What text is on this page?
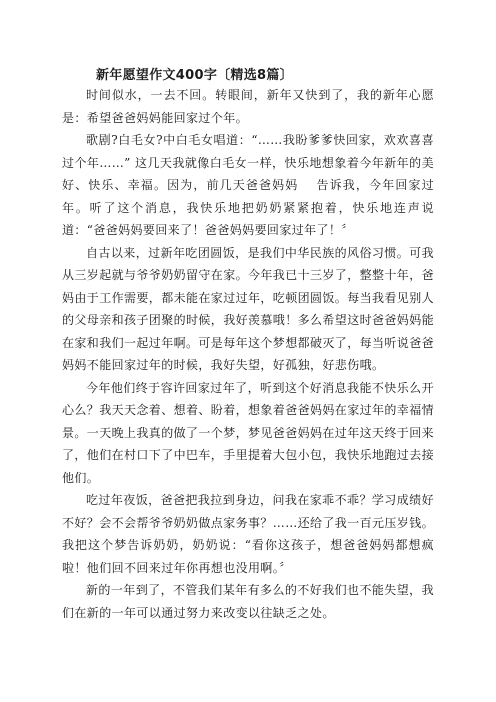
新年愿望作文400字〔精选8篇〕

时间似水，一去不回。转眼间，新年又快到了，我的新年心愿是：希望爸爸妈妈能回家过个年。

歌剧?白毛女?中白毛女唱道：“……我盼爹爹快回家，欢欢喜喜过个年……” 这几天我就像白毛女一样，快乐地想象着今年新年的美好、快乐、幸福。因为，前几天爸爸妈妈　 告诉我，今年回家过年。听了这个消息，我快乐地把奶奶紧紧抱着，快乐地连声说道：“爸爸妈妈要回来了！爸爸妈妈要回家过年了！〞

自古以来，过新年吃团圆饭，是我们中华民族的风俗习惯。可我从三岁起就与爷爷奶奶留守在家。今年我已十三岁了，整整十年，爸妈由于工作需要，都未能在家过过年，吃顿团圆饭。每当我看见别人的父母亲和孩子团聚的时候，我好羡慕哦！多么希望这时爸爸妈妈能在家和我们一起过年啊。可是每年这个梦想都破灭了，每当听说爸爸妈妈不能回家过年的时候，我好失望，好孤独，好悲伤哦。

今年他们终于容许回家过年了，听到这个好消息我能不快乐么开心么？我天天念着、想着、盼着，想象着爸爸妈妈在家过年的幸福情景。一天晚上我真的做了一个梦，梦见爸爸妈妈在过年这天终于回来了，他们在村口下了中巴车，手里提着大包小包，我快乐地跑过去接他们。

吃过年夜饭，爸爸把我拉到身边，问我在家乖不乖？学习成绩好不好？会不会帮爷爷奶奶做点家务事？……还给了我一百元压岁钱。我把这个梦告诉奶奶，奶奶说：“看你这孩子，想爸爸妈妈都想疯啦！他们回不回来过年你再想也没用啊。〞

新的一年到了，不管我们某年有多么的不好我们也不能失望，我们在新的一年可以通过努力来改变以往缺乏之处。
